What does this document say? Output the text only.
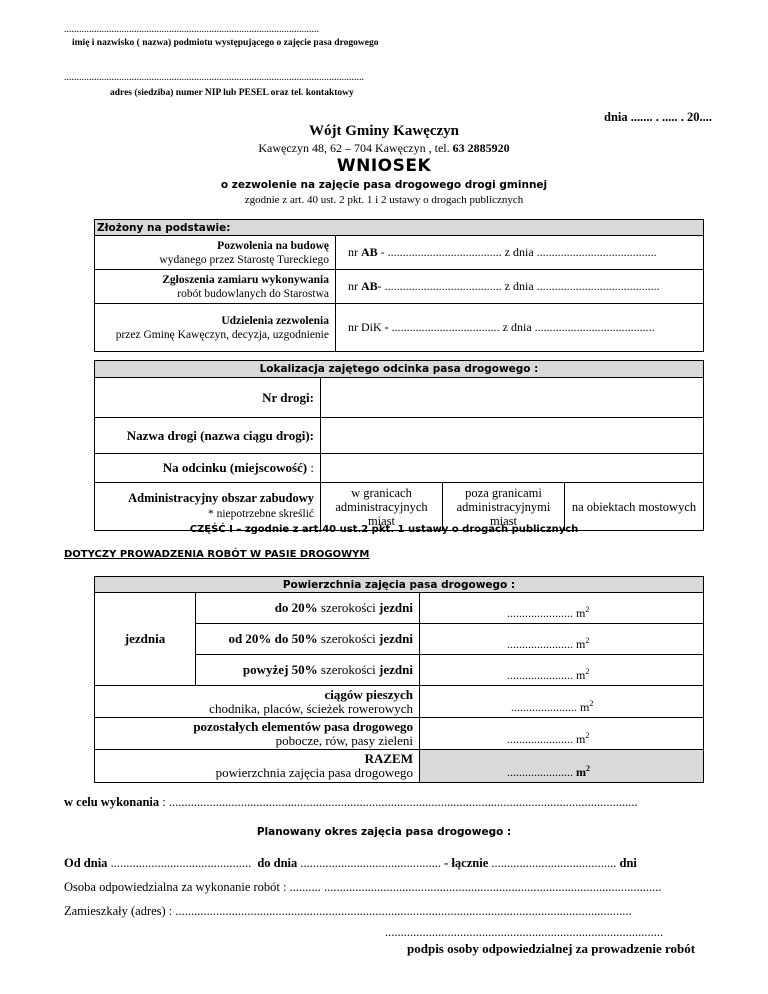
......................................................................................................
imię i nazwisko ( nazwa) podmiotu występującego o zajęcie pasa drogowego
........................................................................................................................
adres (siedziba) numer NIP lub PESEL oraz tel. kontaktowy
dnia ....... . ..... . 20....
Wójt Gminy Kawęczyn
Kawęczyn 48, 62 – 704 Kawęczyn , tel. 63 2885920
WNIOSEK
o zezwolenie na zajęcie pasa drogowego drogi gminnej
zgodnie z art. 40 ust. 2 pkt. 1 i 2 ustawy o drogach publicznych
Złożony na podstawie:	
Pozwolenia na budowę
wydanego przez Starostę Tureckiego	nr AB - ...................................... z dnia ........................................
Zgłoszenia zamiaru wykonywania
robót budowlanych do Starostwa	nr AB- ....................................... z dnia .........................................
Udzielenia zezwolenia
przez Gminę Kawęczyn, decyzja, uzgodnienie	nr DiK - .................................... z dnia ........................................
Lokalizacja zajętego odcinka pasa drogowego :			
Nr drogi:			
Nazwa drogi (nazwa ciągu drogi):			
Na odcinku (miejscowość) :			
Administracyjny obszar zabudowy
* niepotrzebne skreślić	w granicach administracyjnych miast	poza granicami administracyjnymi miast	na obiektach mostowych
CZĘŚĆ I – zgodnie z art.40 ust.2 pkt. 1 ustawy o drogach publicznych
DOTYCZY PROWADZENIA ROBÓT W PASIE DROGOWYM
Powierzchnia zajęcia pasa drogowego :		
jezdnia	do 20% szerokości jezdni	...................... $m^2$
	od 20% do 50% szerokości jezdni	...................... $m^2$
	powyżej 50% szerokości jezdni	...................... $m^2$
ciągów pieszych
chodnika, placów, ścieżek rowerowych		...................... $m^2$
pozostałych elementów pasa drogowego
pobocze, rów, pasy zieleni		...................... $m^2$
RAZEM
powierzchnia zajęcia pasa drogowego		...................... $m^2$
w celu wykonania : ......................................................................................................................................................
Planowany okres zajęcia pasa drogowego :
Od dnia ............................................. do dnia ............................................. - łącznie ........................................ dni
Osoba odpowiedzialna za wykonanie robót : .......... ............................................................................................................
Zamieszkały (adres) : ..................................................................................................................................................
.........................................................................................
podpis osoby odpowiedzialnej za prowadzenie robót
